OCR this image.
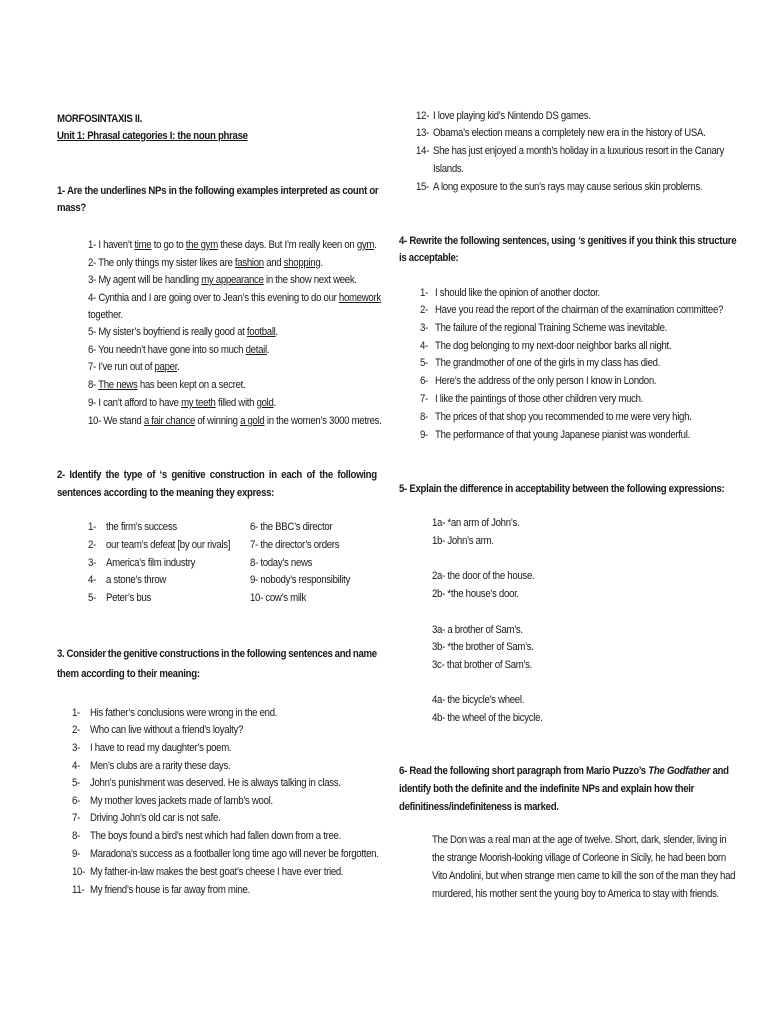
MORFOSINTAXIS II.
Unit 1: Phrasal categories I: the noun phrase
1- Are the underlines NPs in the following examples interpreted as count or
mass?
1- I haven’t time to go to the gym these days. But I’m really keen on gym.
2- The only things my sister likes are fashion and shopping.
3- My agent will be handling my appearance in the show next week.
4- Cynthia and I are going over to Jean’s this evening to do our homework
together.
5- My sister’s boyfriend is really good at football.
6- You needn’t have gone into so much detail.
7- I’ve run out of paper.
8- The news has been kept on a secret.
9- I can’t afford to have my teeth filled with gold.
10- We stand a fair chance of winning a gold in the women’s 3000 metres.
2- Identify the type of ‘s genitive construction in each of the following
sentences according to the meaning they express:
1- the firm’s success
2- our team’s defeat [by our rivals]
3- America’s film industry
4- a stone’s throw
5- Peter’s bus
6- the BBC’s director
7- the director’s orders
8- today’s news
9- nobody’s responsibility
10- cow’s milk
3. Consider the genitive constructions in the following sentences and name
them according to their meaning:
1- His father’s conclusions were wrong in the end.
2- Who can live without a friend’s loyalty?
3- I have to read my daughter’s poem.
4- Men’s clubs are a rarity these days.
5- John’s punishment was deserved. He is always talking in class.
6- My mother loves jackets made of lamb’s wool.
7- Driving John’s old car is not safe.
8- The boys found a bird’s nest which had fallen down from a tree.
9- Maradona’s success as a footballer long time ago will never be forgotten.
10- My father-in-law makes the best goat’s cheese I have ever tried.
11- My friend’s house is far away from mine.
12- I love playing kid’s Nintendo DS games.
13- Obama’s election means a completely new era in the history of USA.
14- She has just enjoyed a month’s holiday in a luxurious resort in the Canary
Islands.
15- A long exposure to the sun’s rays may cause serious skin problems.
4- Rewrite the following sentences, using ‘s genitives if you think this structure
is acceptable:
1- I should like the opinion of another doctor.
2- Have you read the report of the chairman of the examination committee?
3- The failure of the regional Training Scheme was inevitable.
4- The dog belonging to my next-door neighbor barks all night.
5- The grandmother of one of the girls in my class has died.
6- Here’s the address of the only person I know in London.
7- I like the paintings of those other children very much.
8- The prices of that shop you recommended to me were very high.
9- The performance of that young Japanese pianist was wonderful.
5- Explain the difference in acceptability between the following expressions:
1a- *an arm of John’s.
1b- John’s arm.
2a- the door of the house.
2b- *the house’s door.
3a- a brother of Sam’s.
3b- *the brother of Sam’s.
3c- that brother of Sam’s.
4a- the bicycle’s wheel.
4b- the wheel of the bicycle.
6- Read the following short paragraph from Mario Puzzo’s The Godfather and
identify both the definite and the indefinite NPs and explain how their
definitiness/indefiniteness is marked.
The Don was a real man at the age of twelve. Short, dark, slender, living in
the strange Moorish-looking village of Corleone in Sicily, he had been born
Vito Andolini, but when strange men came to kill the son of the man they had
murdered, his mother sent the young boy to America to stay with friends.
